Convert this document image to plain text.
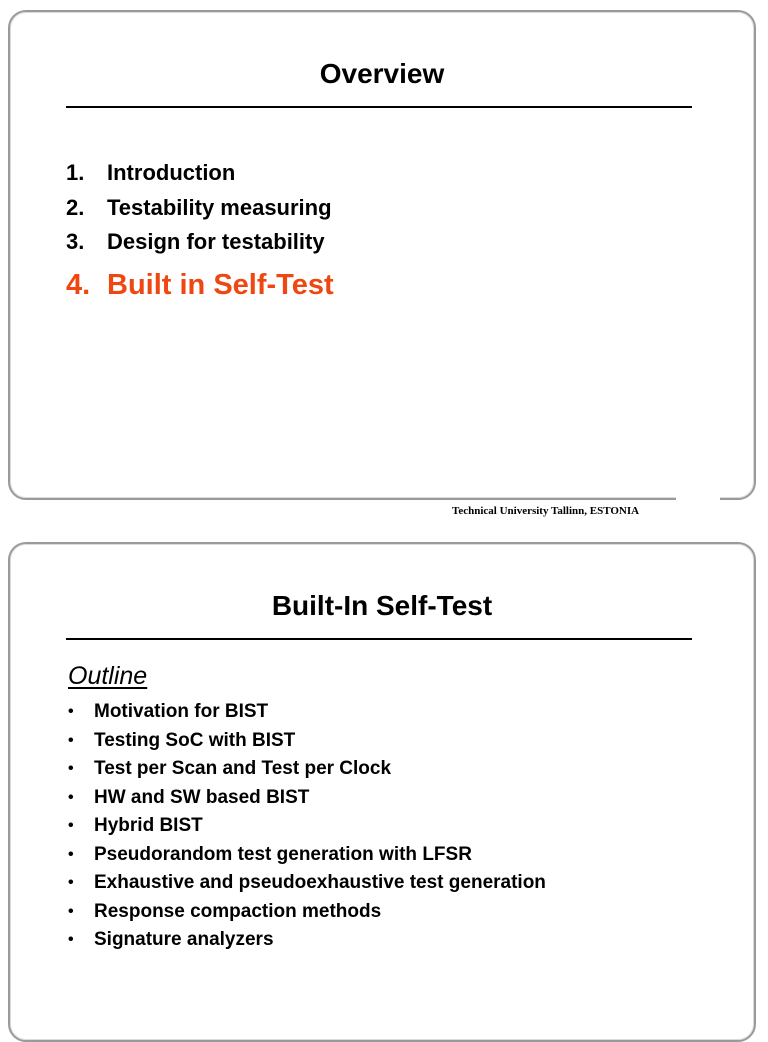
Overview
1.	Introduction
2.	Testability measuring
3.	Design for testability
4. Built in Self-Test
Technical University Tallinn, ESTONIA
Built-In Self-Test
Outline
•	Motivation for BIST
•	Testing SoC with BIST
•	Test per Scan and Test per Clock
•	HW and SW based BIST
•	Hybrid BIST
•	Pseudorandom test generation with LFSR
•	Exhaustive and pseudoexhaustive test generation
•	Response compaction methods
•	Signature analyzers
